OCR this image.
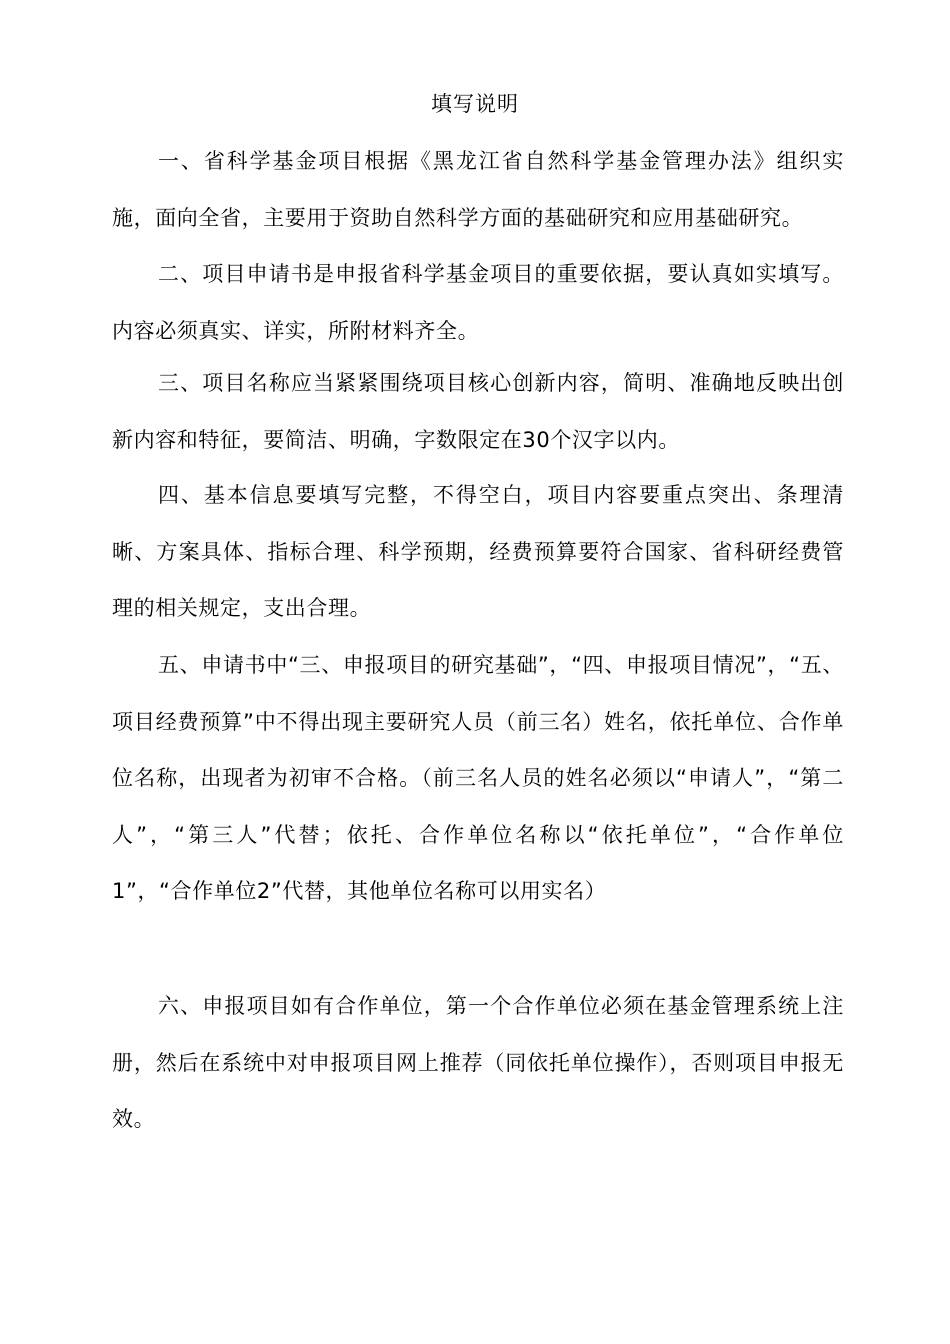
填写说明
一、省科学基金项目根据《黑龙江省自然科学基金管理办法》组织实施，面向全省，主要用于资助自然科学方面的基础研究和应用基础研究。
二、项目申请书是申报省科学基金项目的重要依据，要认真如实填写。内容必须真实、详实，所附材料齐全。
三、项目名称应当紧紧围绕项目核心创新内容，简明、准确地反映出创新内容和特征，要简洁、明确，字数限定在30个汉字以内。
四、基本信息要填写完整，不得空白，项目内容要重点突出、条理清晰、方案具体、指标合理、科学预期，经费预算要符合国家、省科研经费管理的相关规定，支出合理。
五、申请书中“三、申报项目的研究基础”，“四、申报项目情况”，“五、项目经费预算”中不得出现主要研究人员（前三名）姓名，依托单位、合作单位名称，出现者为初审不合格。（前三名人员的姓名必须以“申请人”，“第二人”，“第三人”代替；依托、合作单位名称以“依托单位”，“合作单位1”，“合作单位2”代替，其他单位名称可以用实名）
六、申报项目如有合作单位，第一个合作单位必须在基金管理系统上注册，然后在系统中对申报项目网上推荐（同依托单位操作），否则项目申报无效。
